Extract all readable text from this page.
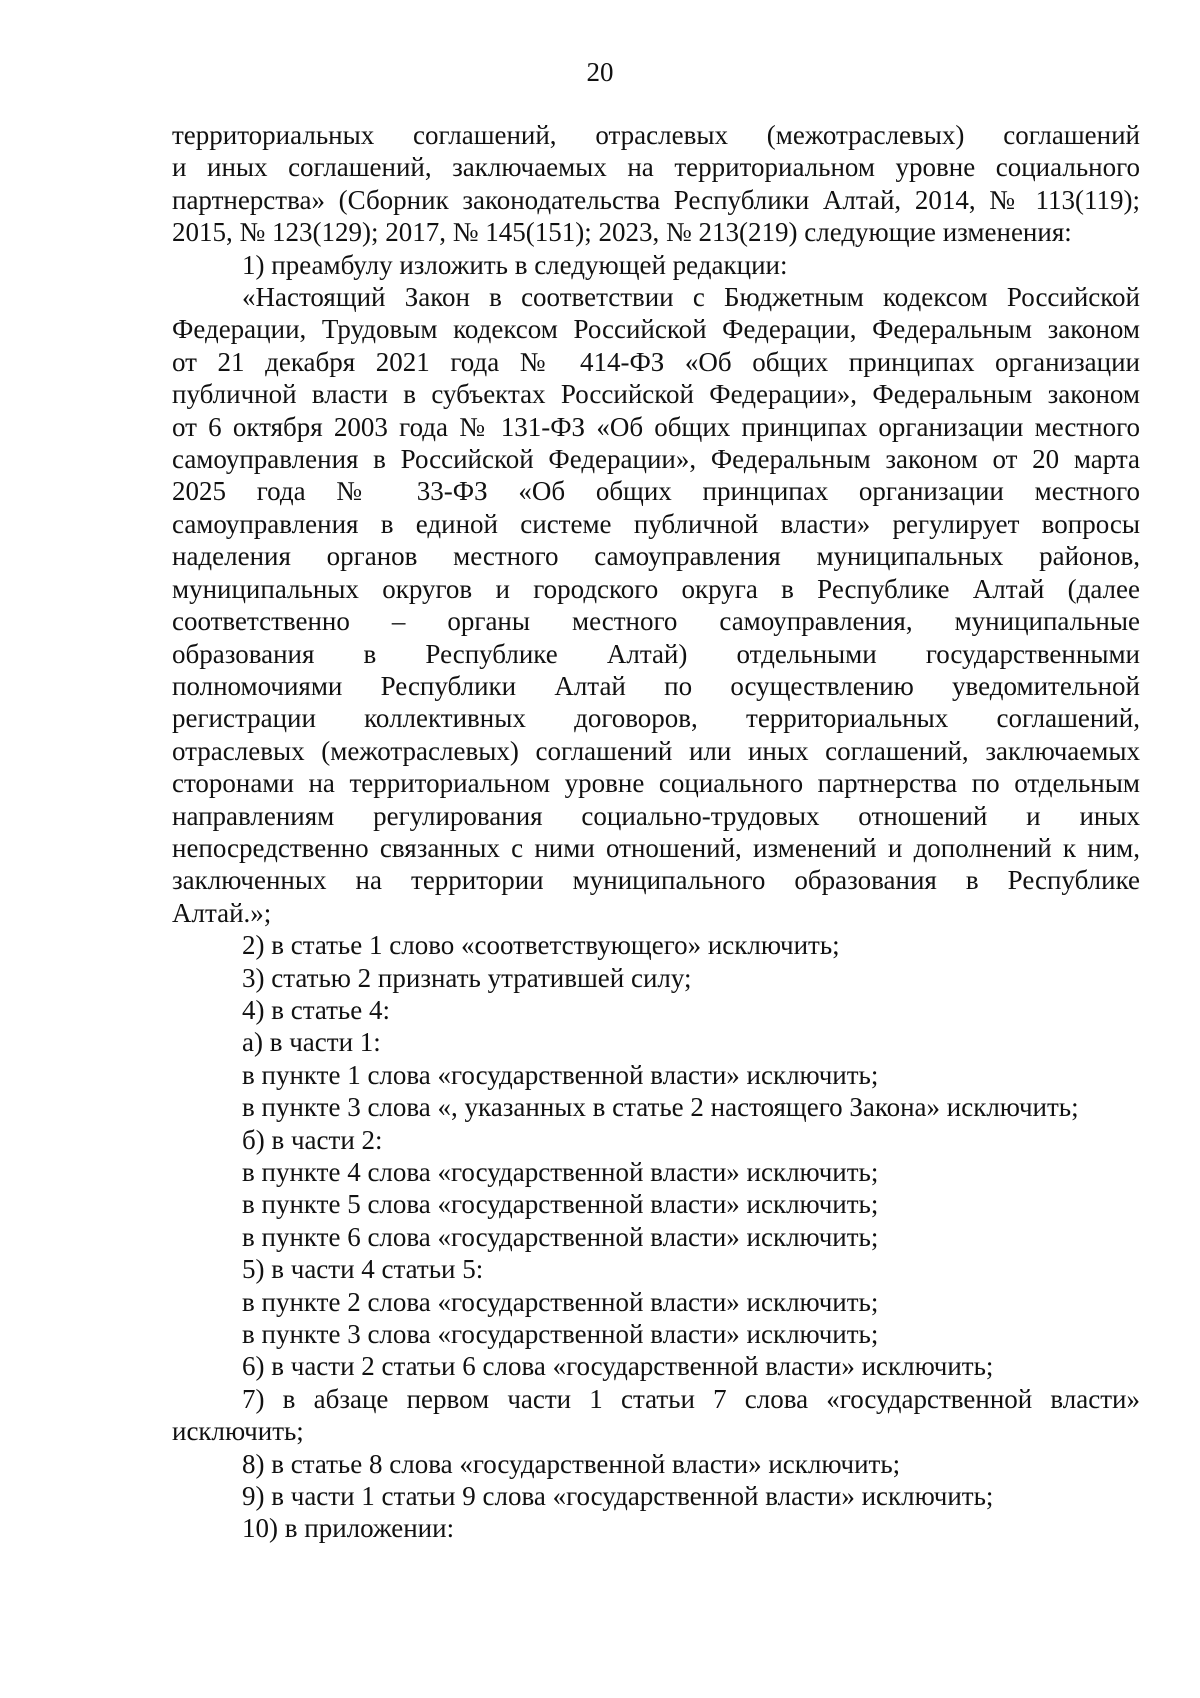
20
территориальных соглашений, отраслевых (межотраслевых) соглашений
и иных соглашений, заключаемых на территориальном уровне социального
партнерства» (Сборник законодательства Республики Алтай, 2014, № 113(119);
2015, № 123(129); 2017, № 145(151); 2023, № 213(219) следующие изменения:
1) преамбулу изложить в следующей редакции:
«Настоящий Закон в соответствии с Бюджетным кодексом Российской
Федерации, Трудовым кодексом Российской Федерации, Федеральным законом
от 21 декабря 2021 года № 414-ФЗ «Об общих принципах организации
публичной власти в субъектах Российской Федерации», Федеральным законом
от 6 октября 2003 года № 131-ФЗ «Об общих принципах организации местного
самоуправления в Российской Федерации», Федеральным законом от 20 марта
2025 года № 33-ФЗ «Об общих принципах организации местного
самоуправления в единой системе публичной власти» регулирует вопросы
наделения органов местного самоуправления муниципальных районов,
муниципальных округов и городского округа в Республике Алтай (далее
соответственно – органы местного самоуправления, муниципальные
образования в Республике Алтай) отдельными государственными
полномочиями Республики Алтай по осуществлению уведомительной
регистрации коллективных договоров, территориальных соглашений,
отраслевых (межотраслевых) соглашений или иных соглашений, заключаемых
сторонами на территориальном уровне социального партнерства по отдельным
направлениям регулирования социально-трудовых отношений и иных
непосредственно связанных с ними отношений, изменений и дополнений к ним,
заключенных на территории муниципального образования в Республике
Алтай.»;
2) в статье 1 слово «соответствующего» исключить;
3) статью 2 признать утратившей силу;
4) в статье 4:
а) в части 1:
в пункте 1 слова «государственной власти» исключить;
в пункте 3 слова «, указанных в статье 2 настоящего Закона» исключить;
б) в части 2:
в пункте 4 слова «государственной власти» исключить;
в пункте 5 слова «государственной власти» исключить;
в пункте 6 слова «государственной власти» исключить;
5) в части 4 статьи 5:
в пункте 2 слова «государственной власти» исключить;
в пункте 3 слова «государственной власти» исключить;
6) в части 2 статьи 6 слова «государственной власти» исключить;
7) в абзаце первом части 1 статьи 7 слова «государственной власти»
исключить;
8) в статье 8 слова «государственной власти» исключить;
9) в части 1 статьи 9 слова «государственной власти» исключить;
10) в приложении:
